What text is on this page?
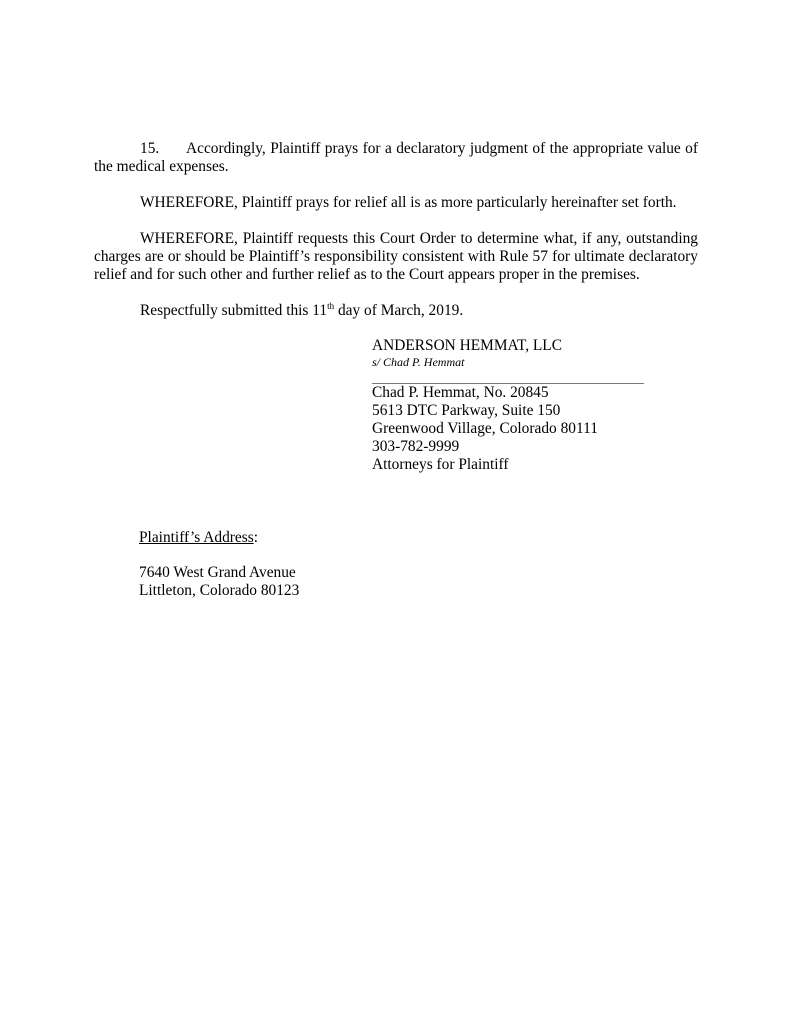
15. Accordingly, Plaintiff prays for a declaratory judgment of the appropriate value of the medical expenses.

WHEREFORE, Plaintiff prays for relief all is as more particularly hereinafter set forth.

WHEREFORE, Plaintiff requests this Court Order to determine what, if any, outstanding charges are or should be Plaintiff’s responsibility consistent with Rule 57 for ultimate declaratory relief and for such other and further relief as to the Court appears proper in the premises.

Respectfully submitted this 11th day of March, 2019.

ANDERSON HEMMAT, LLC

s/ Chad P. Hemmat

Chad P. Hemmat, No. 20845
5613 DTC Parkway, Suite 150
Greenwood Village, Colorado 80111
303-782-9999
Attorneys for Plaintiff

Plaintiff’s Address:

7640 West Grand Avenue
Littleton, Colorado 80123
